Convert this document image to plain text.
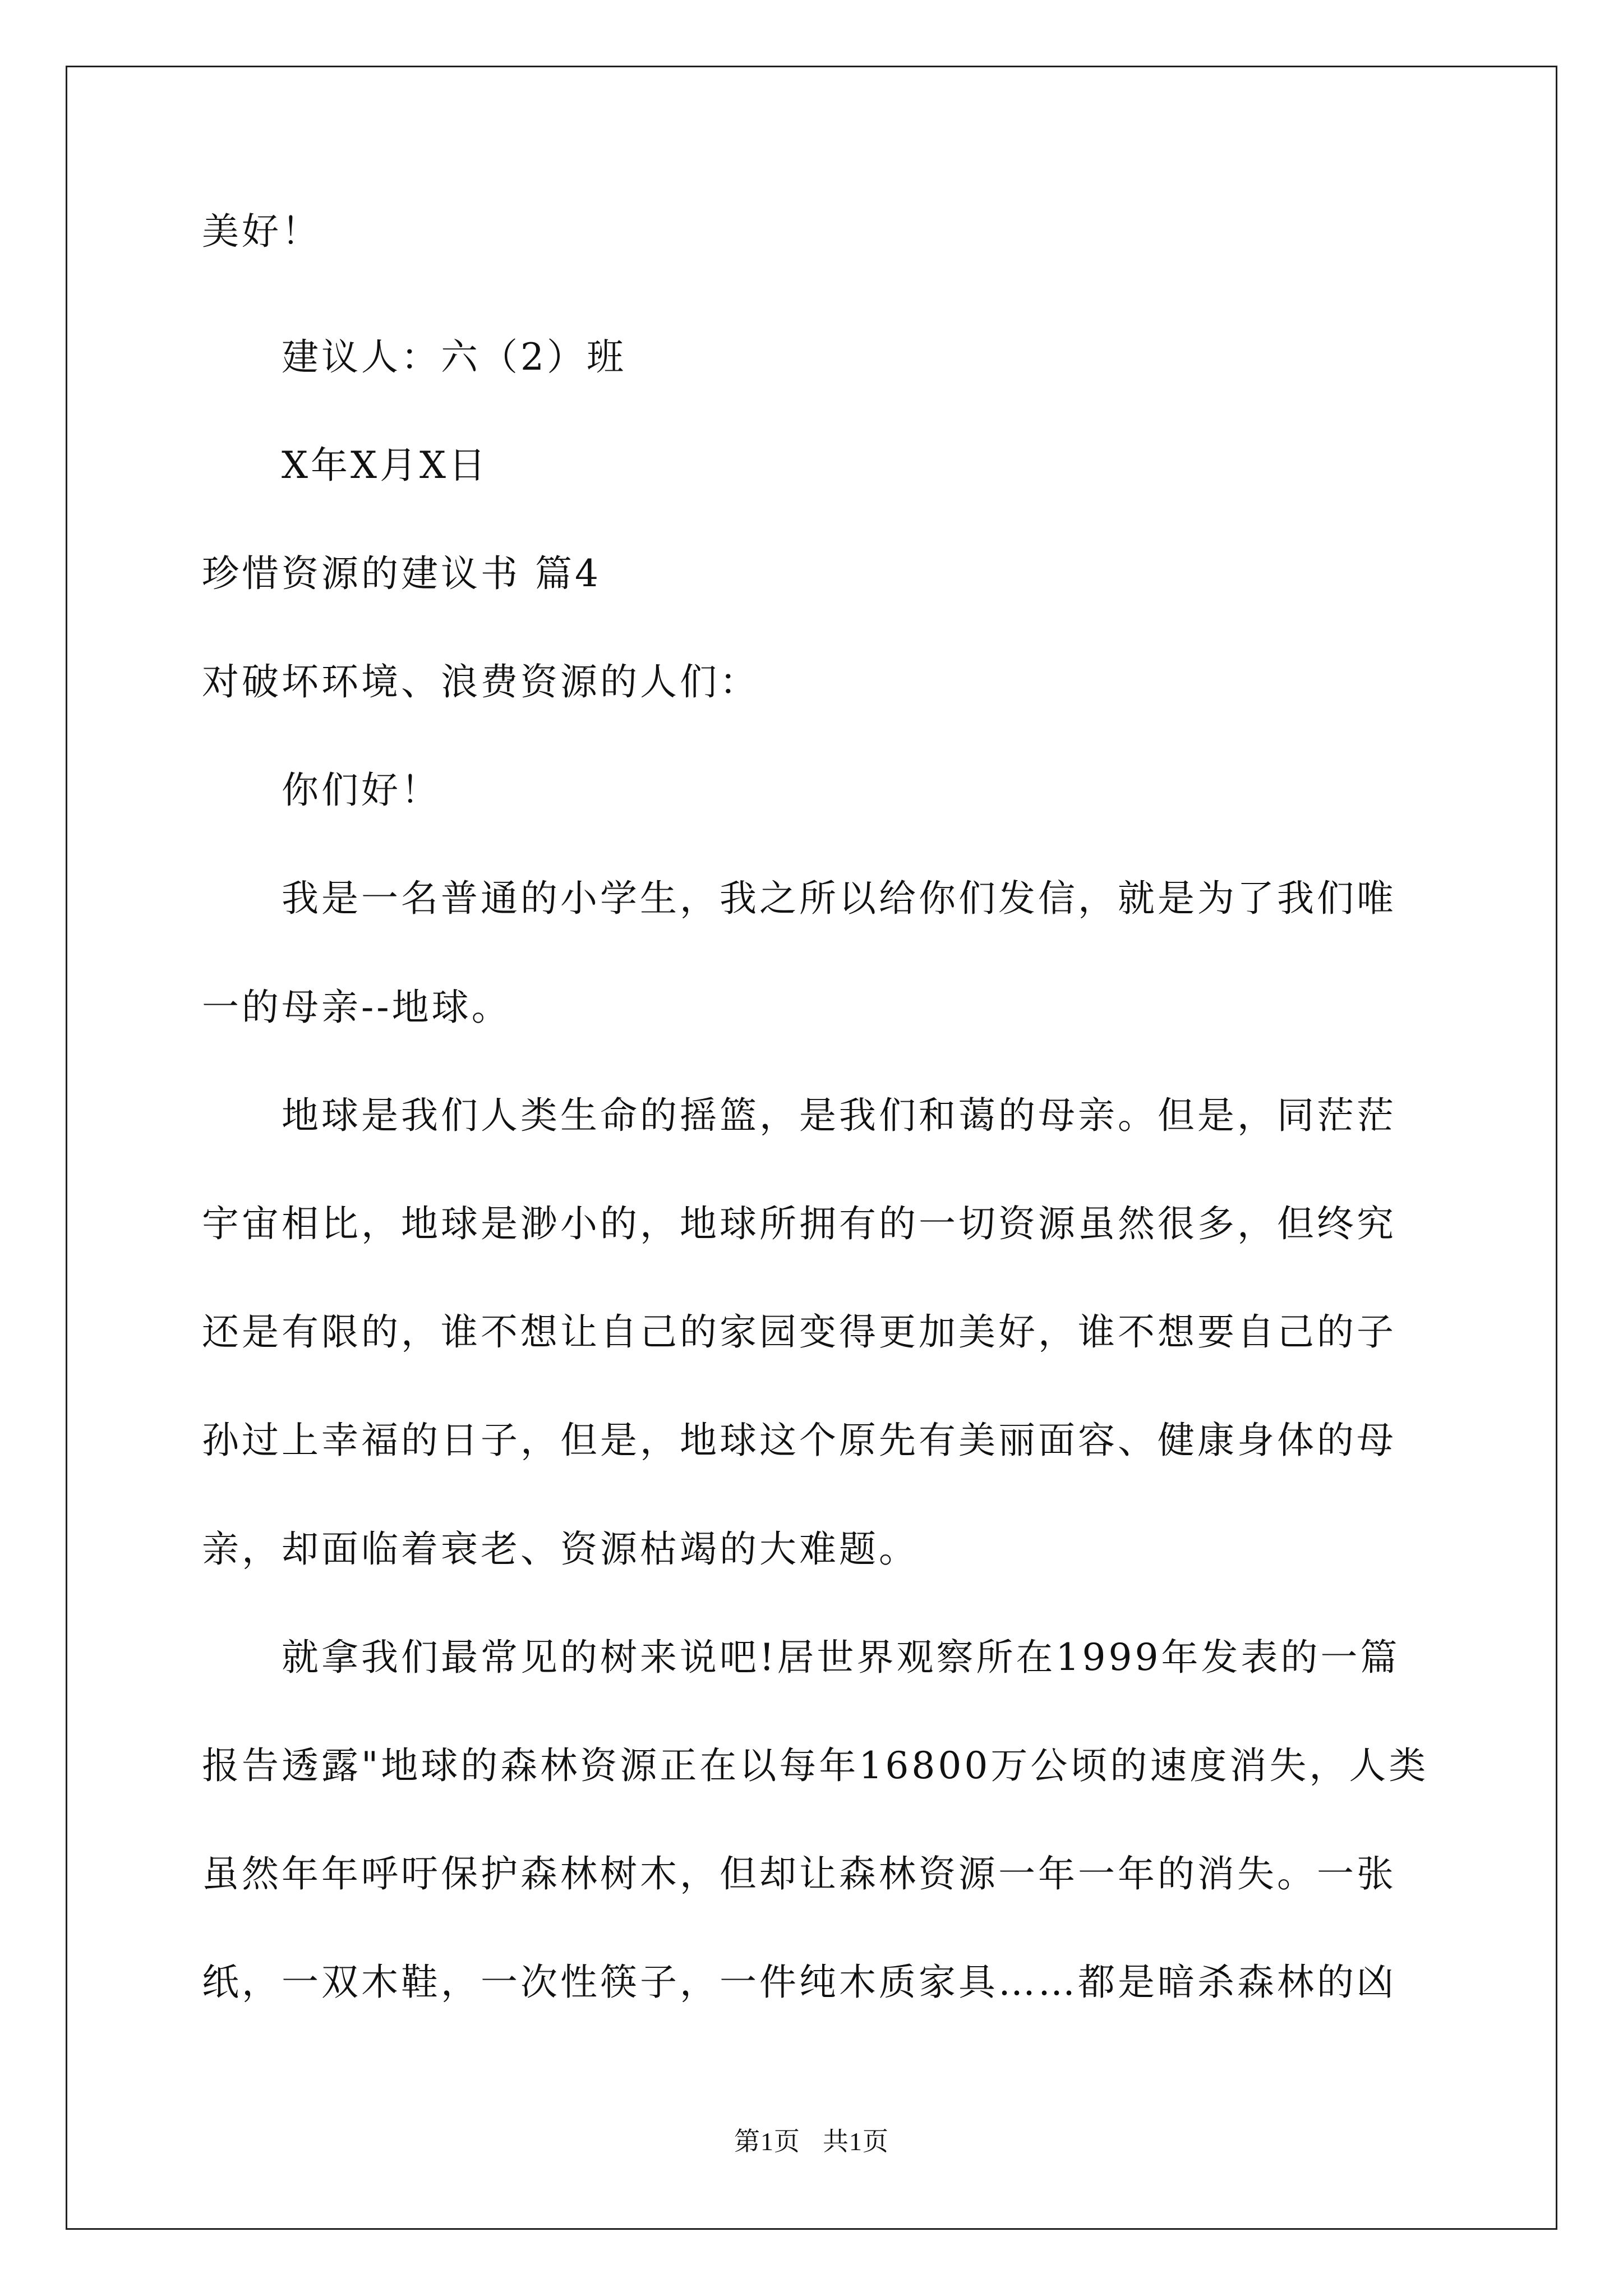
美好！
建议人：六（2）班
X年X月X日
珍惜资源的建议书 篇4
对破坏环境、浪费资源的人们：
你们好！
我是一名普通的小学生，我之所以给你们发信，就是为了我们唯
一的母亲--地球。
地球是我们人类生命的摇篮，是我们和蔼的母亲。但是，同茫茫
宇宙相比，地球是渺小的，地球所拥有的一切资源虽然很多，但终究
还是有限的，谁不想让自己的家园变得更加美好，谁不想要自己的子
孙过上幸福的日子，但是，地球这个原先有美丽面容、健康身体的母
亲，却面临着衰老、资源枯竭的大难题。
就拿我们最常见的树来说吧!居世界观察所在1999年发表的一篇
报告透露"地球的森林资源正在以每年16800万公顷的速度消失，人类
虽然年年呼吁保护森林树木，但却让森林资源一年一年的消失。一张
纸，一双木鞋，一次性筷子，一件纯木质家具……都是暗杀森林的凶
第1页 共1页
